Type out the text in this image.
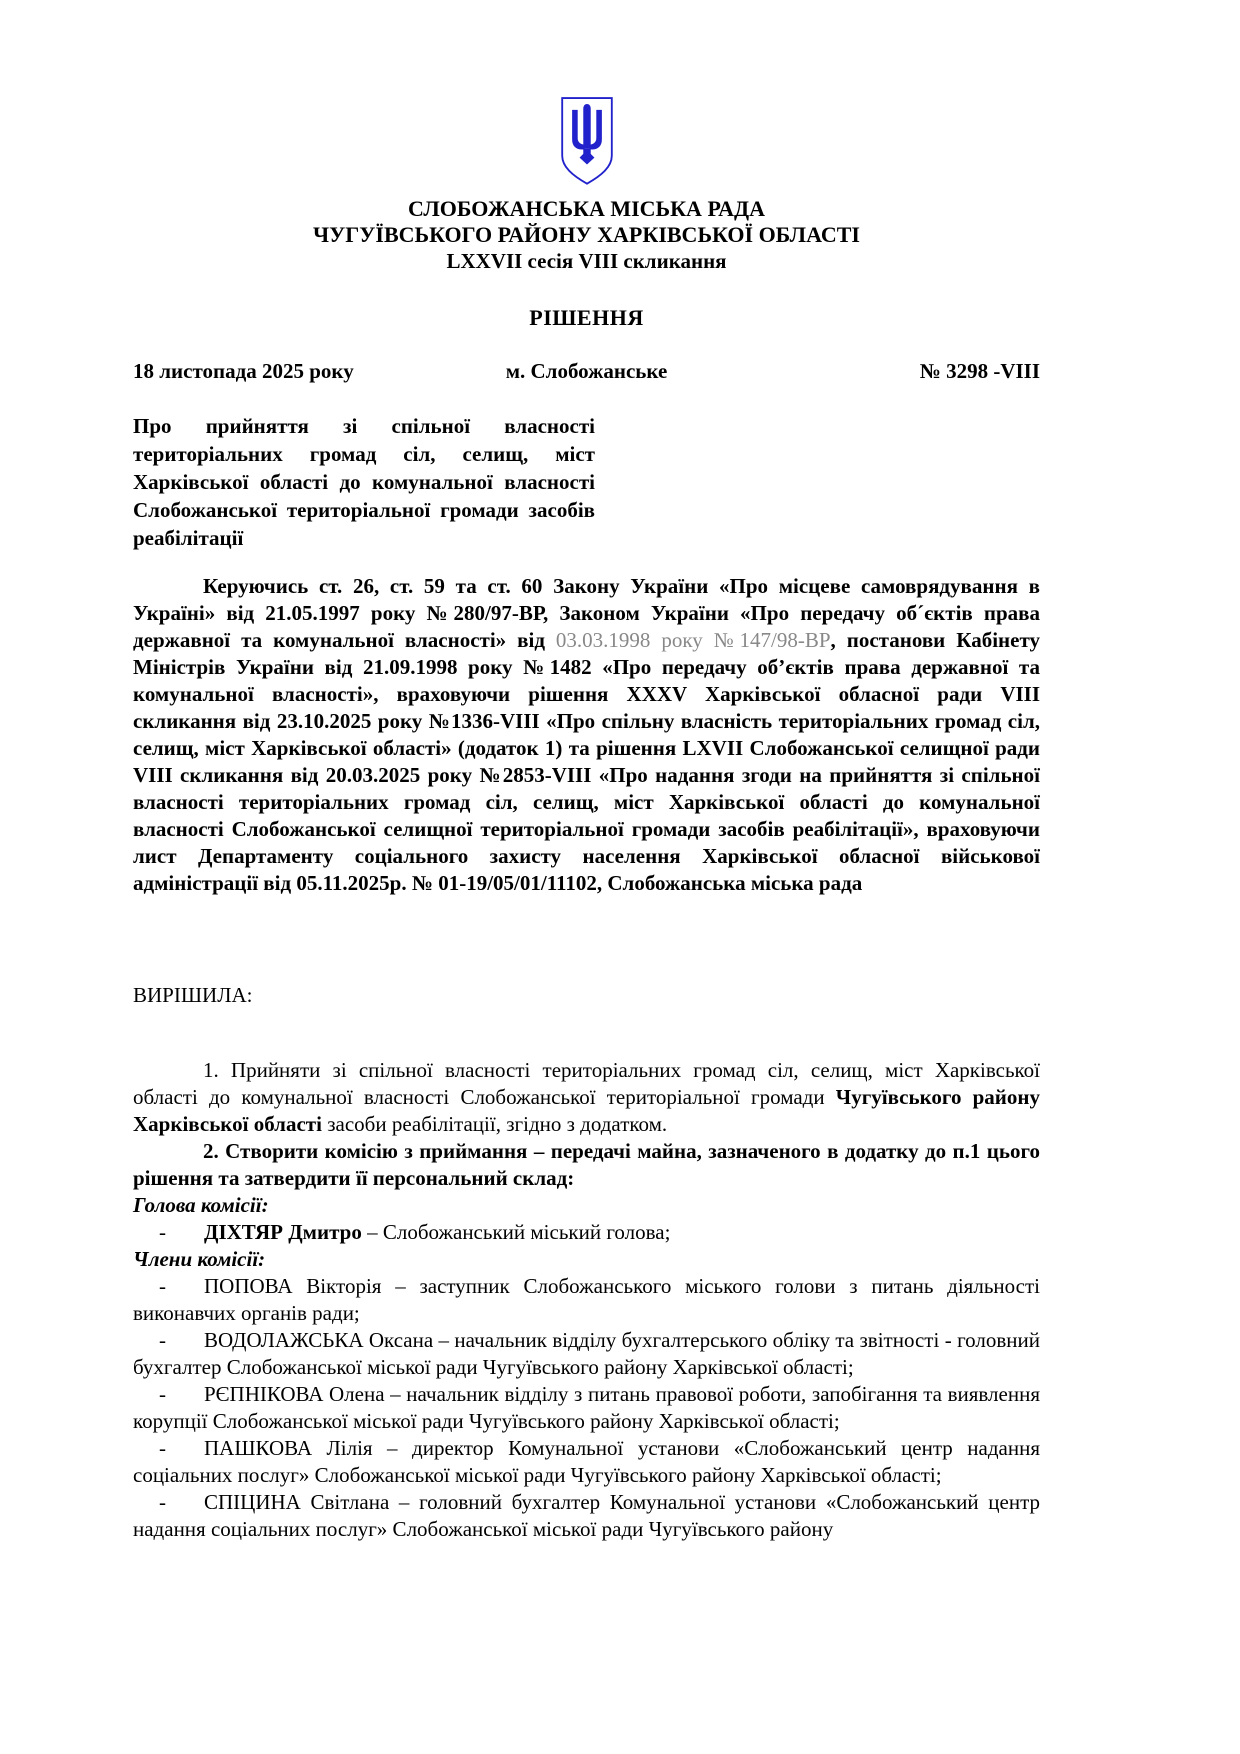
СЛОБОЖАНСЬКА МІСЬКА РАДА
ЧУГУЇВСЬКОГО РАЙОНУ ХАРКІВСЬКОЇ ОБЛАСТІ
LXXVII сесія VIII скликання
РІШЕННЯ
18 листопада 2025 року	м. Слобожанське	№ 3298 -VIII
Про прийняття зі спільної власності територіальних громад сіл, селищ, міст Харківської області до комунальної власності Слобожанської територіальної громади засобів реабілітації

Керуючись ст. 26, ст. 59 та ст. 60 Закону України «Про місцеве самоврядування в Україні» від 21.05.1997 року №280/97-ВР, Законом України «Про передачу об´єктів права державної та комунальної власності» від 03.03.1998 року №147/98-ВР, постанови Кабінету Міністрів України від 21.09.1998 року №1482 «Про передачу об’єктів права державної та комунальної власності», враховуючи рішення XXXV Харківської обласної ради VIII скликання від 23.10.2025 року №1336-VIII «Про спільну власність територіальних громад сіл, селищ, міст Харківської області» (додаток 1) та рішення LXVII Слобожанської селищної ради VIII скликання від 20.03.2025 року №2853-VIII «Про надання згоди на прийняття зі спільної власності територіальних громад сіл, селищ, міст Харківської області до комунальної власності Слобожанської селищної територіальної громади засобів реабілітації», враховуючи лист Департаменту соціального захисту населення Харківської обласної військової адміністрації від 05.11.2025р. № 01-19/05/01/11102, Слобожанська міська рада

ВИРІШИЛА:

1. Прийняти зі спільної власності територіальних громад сіл, селищ, міст Харківської області до комунальної власності Слобожанської територіальної громади Чугуївського району Харківської області засоби реабілітації, згідно з додатком.

2. Створити комісію з приймання – передачі майна, зазначеного в додатку до п.1 цього рішення та затвердити її персональний склад:

Голова комісії:

- ДІХТЯР Дмитро – Слобожанський міський голова;

Члени комісії:

- ПОПОВА Вікторія – заступник Слобожанського міського голови з питань діяльності виконавчих органів ради;

- ВОДОЛАЖСЬКА Оксана – начальник відділу бухгалтерського обліку та звітності - головний бухгалтер Слобожанської міської ради Чугуївського району Харківської області;

- РЄПНІКОВА Олена – начальник відділу з питань правової роботи, запобігання та виявлення корупції Слобожанської міської ради Чугуївського району Харківської області;

- ПАШКОВА Лілія – директор Комунальної установи «Слобожанський центр надання соціальних послуг» Слобожанської міської ради Чугуївського району Харківської області;

- СПІЦИНА Світлана – головний бухгалтер Комунальної установи «Слобожанський центр надання соціальних послуг» Слобожанської міської ради Чугуївського району
